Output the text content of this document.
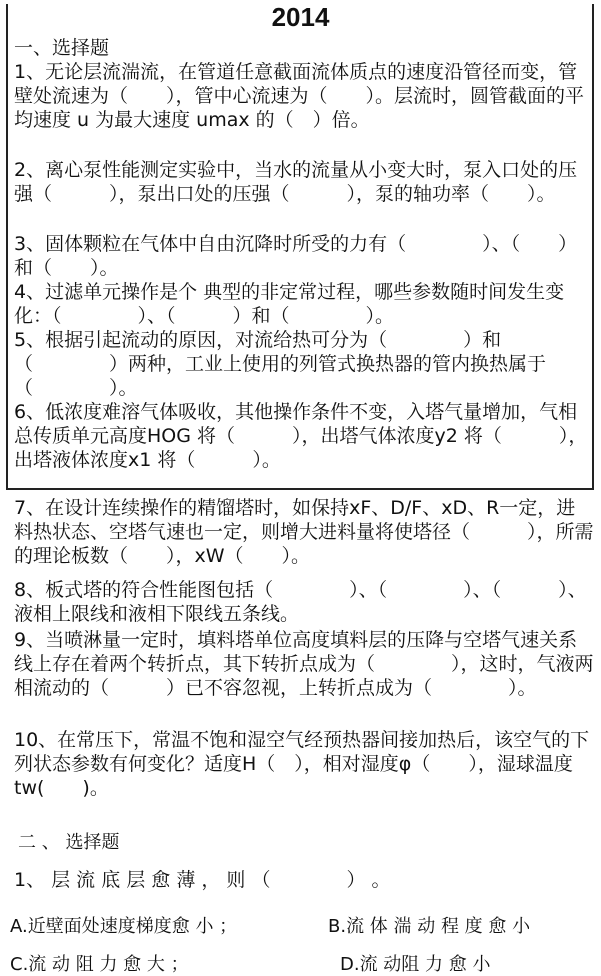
2014
一、选择题
1、无论层流湍流，在管道任意截面流体质点的速度沿管径而变，管壁处流速为（　　），管中心流速为（　　）。层流时，圆管截面的平均速度 u 为最大速度 umax 的（　）倍。
2、离心泵性能测定实验中，当水的流量从小变大时，泵入口处的压强（　　　），泵出口处的压强（　　　），泵的轴功率（　　）。
3、固体颗粒在气体中自由沉降时所受的力有（　　　　）、（　　）　和（　　）。
4、过滤单元操作是个 典型的非定常过程，哪些参数随时间发生变化：（　　　　）、（　　　）和（　　　　）。
5、根据引起流动的原因，对流给热可分为（　　　　）和（　　　　）两种，工业上使用的列管式换热器的管内换热属于（　　　　）。
6、低浓度难溶气体吸收，其他操作条件不变，入塔气量增加，气相总传质单元高度HOG 将（　　　），出塔气体浓度y2 将（　　　），出塔液体浓度x1 将（　　　）。
7、在设计连续操作的精馏塔时，如保持xF、D/F、xD、R一定，进料热状态、空塔气速也一定，则增大进料量将使塔径（　　　），所需的理论板数（　　），xW（　　）。
8、板式塔的符合性能图包括（　　　　）、（　　　　）、（　　　）、液相上限线和液相下限线五条线。
9、当喷淋量一定时，填料塔单位高度填料层的压降与空塔气速关系线上存在着两个转折点，其下转折点成为（　　　　），这时，气液两相流动的（　　　）已不容忽视，上转折点成为（　　　　）。
10、在常压下，常温不饱和湿空气经预热器间接加热后，该空气的下列状态参数有何变化？适度H（　），相对湿度φ（　　），湿球温度tw(　　)。
二 、 选择题
1、 层 流 底 层 愈 薄 ， 则 （　　　　） 。
A.近壁面处速度梯度愈 小 ；	B.流 体 湍 动 程 度 愈 小
C.流 动 阻 力 愈 大 ；	D.流 动阻 力 愈 小
